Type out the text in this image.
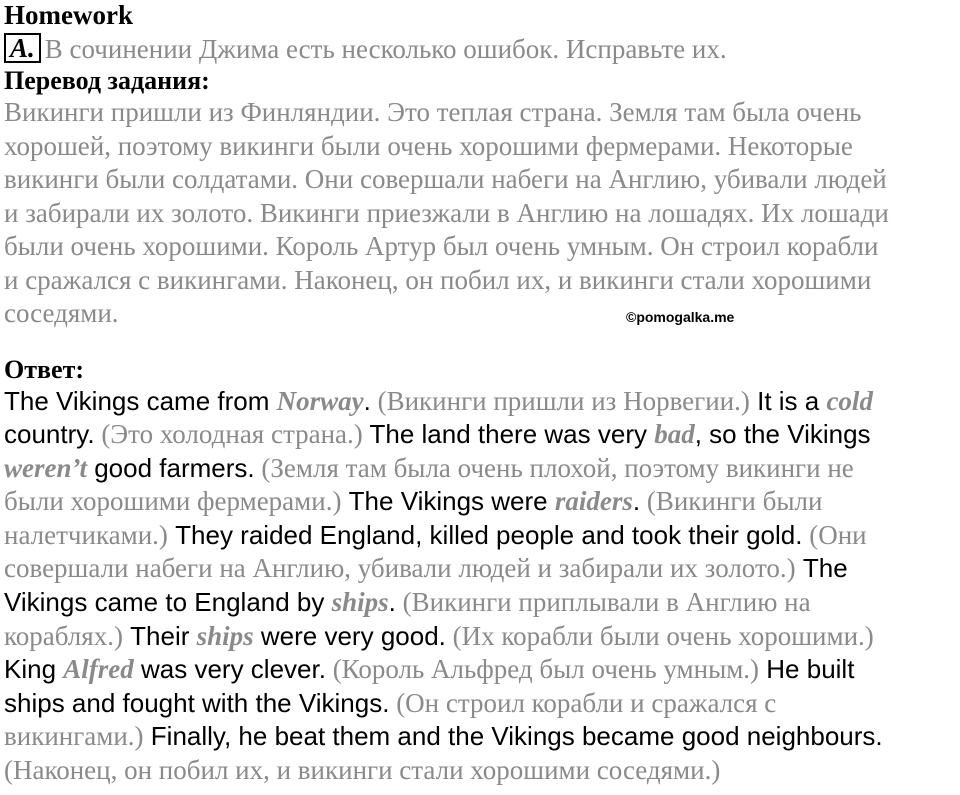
Homework
A. В сочинении Джима есть несколько ошибок. Исправьте их.
Перевод задания:
Викинги пришли из Финляндии. Это теплая страна. Земля там была очень
хорошей, поэтому викинги были очень хорошими фермерами. Некоторые
викинги были солдатами. Они совершали набеги на Англию, убивали людей
и забирали их золото. Викинги приезжали в Англию на лошадях. Их лошади
были очень хорошими. Король Артур был очень умным. Он строил корабли
и сражался с викингами. Наконец, он побил их, и викинги стали хорошими
соседями.
Ответ:
The Vikings came from Norway. (Викинги пришли из Норвегии.) It is a cold
country. (Это холодная страна.) The land there was very bad, so the Vikings
weren’t good farmers. (Земля там была очень плохой, поэтому викинги не
были хорошими фермерами.) The Vikings were raiders. (Викинги были
налетчиками.) They raided England, killed people and took their gold. (Они
совершали набеги на Англию, убивали людей и забирали их золото.) The
Vikings came to England by ships. (Викинги приплывали в Англию на
кораблях.) Their ships were very good. (Их корабли были очень хорошими.)
King Alfred was very clever. (Король Альфред был очень умным.) He built
ships and fought with the Vikings. (Он строил корабли и сражался с
викингами.) Finally, he beat them and the Vikings became good neighbours.
(Наконец, он побил их, и викинги стали хорошими соседями.)
©pomogalka.me
